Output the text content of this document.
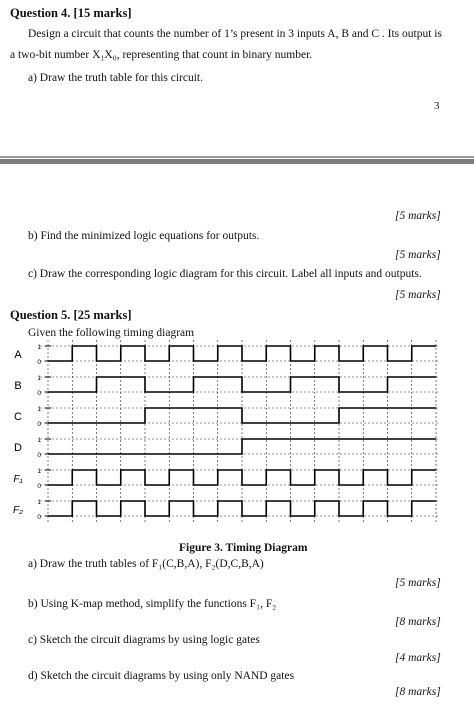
Question 4. [15 marks]
Design a circuit that counts the number of 1’s present in 3 inputs A, B and C . Its output is
a two-bit number X₁X₀, representing that count in binary number.
a) Draw the truth table for this circuit.
3
[5 marks]
b) Find the minimized logic equations for outputs.
[5 marks]
c) Draw the corresponding logic diagram for this circuit. Label all inputs and outputs.
[5 marks]
Question 5. [25 marks]
Given the following timing diagram
A
1
0
B
1
0
C
1
0
D
1
0
F₁
1
0
F₂
1
0
Figure 3. Timing Diagram
a) Draw the truth tables of F₁(C,B,A), F₂(D,C,B,A)
[5 marks]
b) Using K-map method, simplify the functions F₁, F₂
[8 marks]
c) Sketch the circuit diagrams by using logic gates
[4 marks]
d) Sketch the circuit diagrams by using only NAND gates
[8 marks]
